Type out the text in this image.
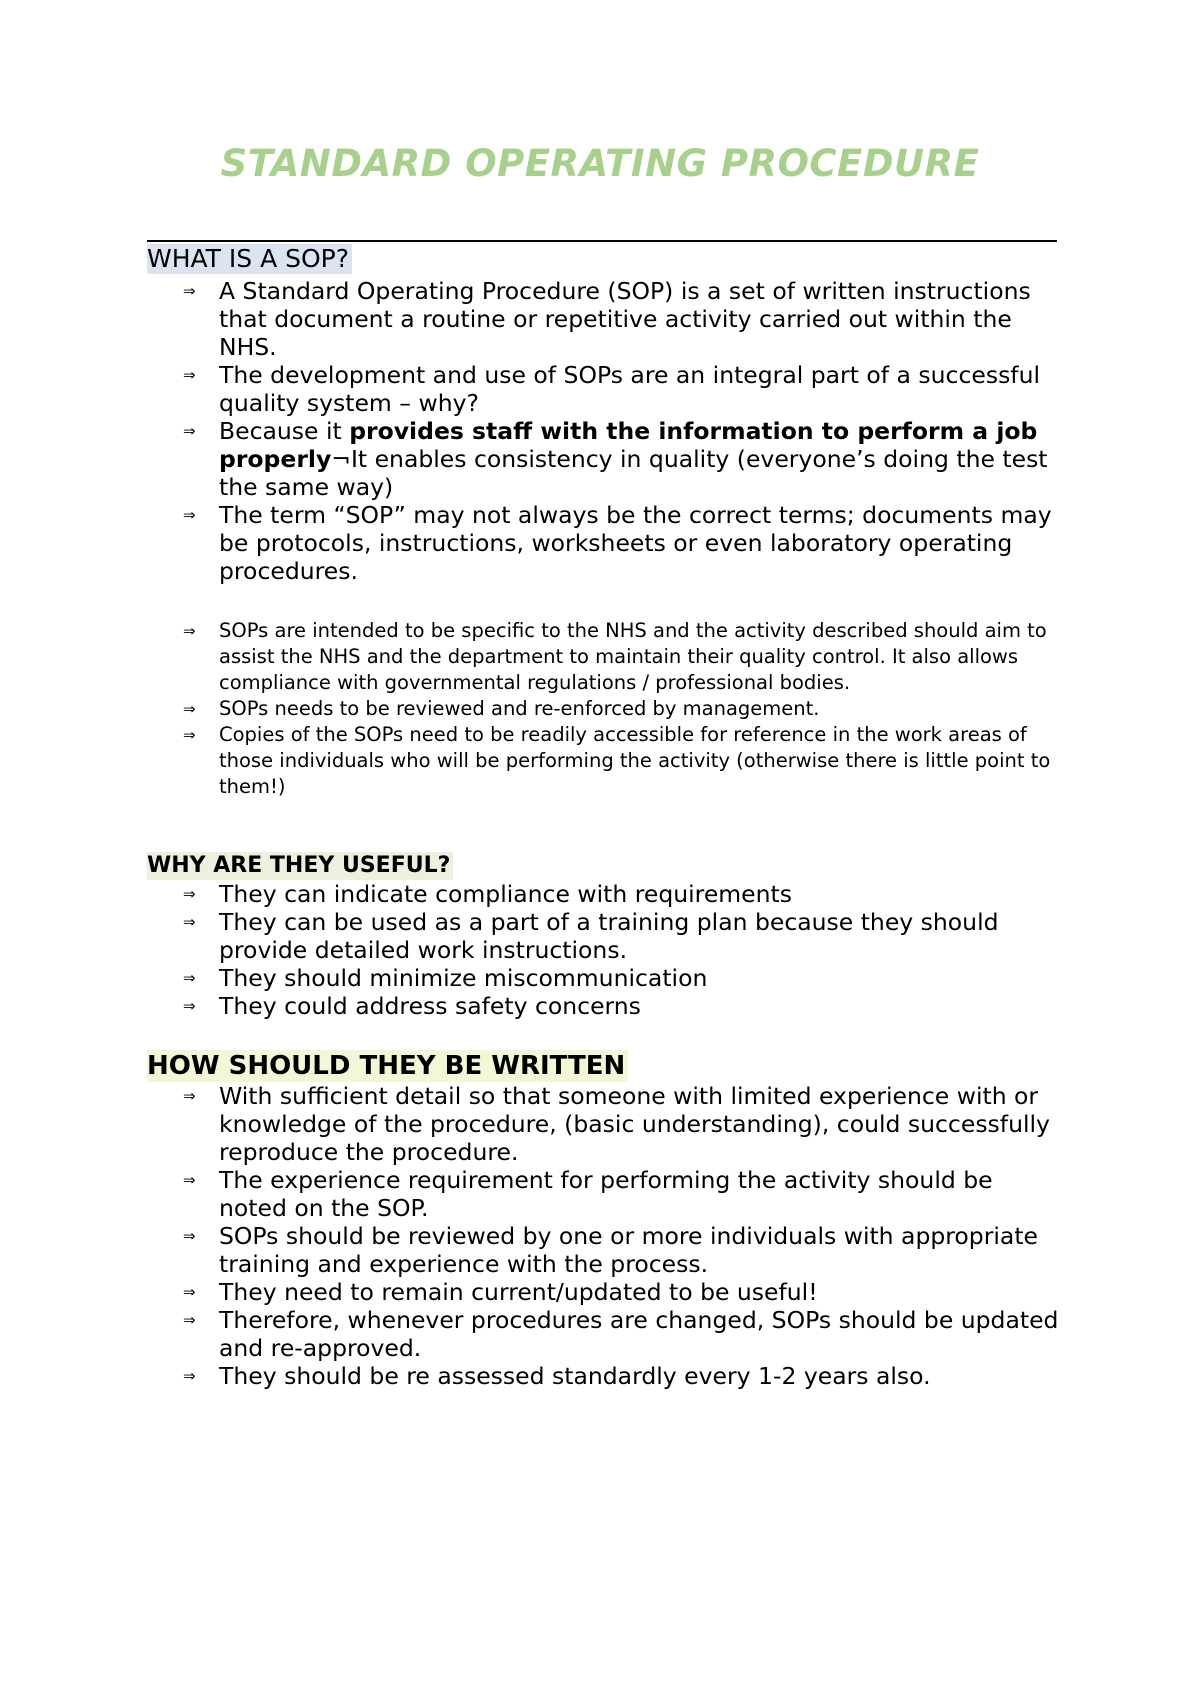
STANDARD OPERATING PROCEDURE
WHAT IS A SOP?
⇒ A Standard Operating Procedure (SOP) is a set of written instructions that document a routine or repetitive activity carried out within the NHS.
⇒ The development and use of SOPs are an integral part of a successful quality system – why?
⇒ Because it provides staff with the information to perform a job properly¬It enables consistency in quality (everyone’s doing the test the same way)
⇒ The term “SOP” may not always be the correct terms; documents may be protocols, instructions, worksheets or even laboratory operating procedures.
⇒ SOPs are intended to be specific to the NHS and the activity described should aim to assist the NHS and the department to maintain their quality control. It also allows compliance with governmental regulations / professional bodies.
⇒ SOPs needs to be reviewed and re-enforced by management.
⇒ Copies of the SOPs need to be readily accessible for reference in the work areas of those individuals who will be performing the activity (otherwise there is little point to them!)
WHY ARE THEY USEFUL?
⇒ They can indicate compliance with requirements
⇒ They can be used as a part of a training plan because they should provide detailed work instructions.
⇒ They should minimize miscommunication
⇒ They could address safety concerns
HOW SHOULD THEY BE WRITTEN
⇒ With sufficient detail so that someone with limited experience with or knowledge of the procedure, (basic understanding), could successfully reproduce the procedure.
⇒ The experience requirement for performing the activity should be noted on the SOP.
⇒ SOPs should be reviewed by one or more individuals with appropriate training and experience with the process.
⇒ They need to remain current/updated to be useful!
⇒ Therefore, whenever procedures are changed, SOPs should be updated and re-approved.
⇒ They should be re assessed standardly every 1-2 years also.
